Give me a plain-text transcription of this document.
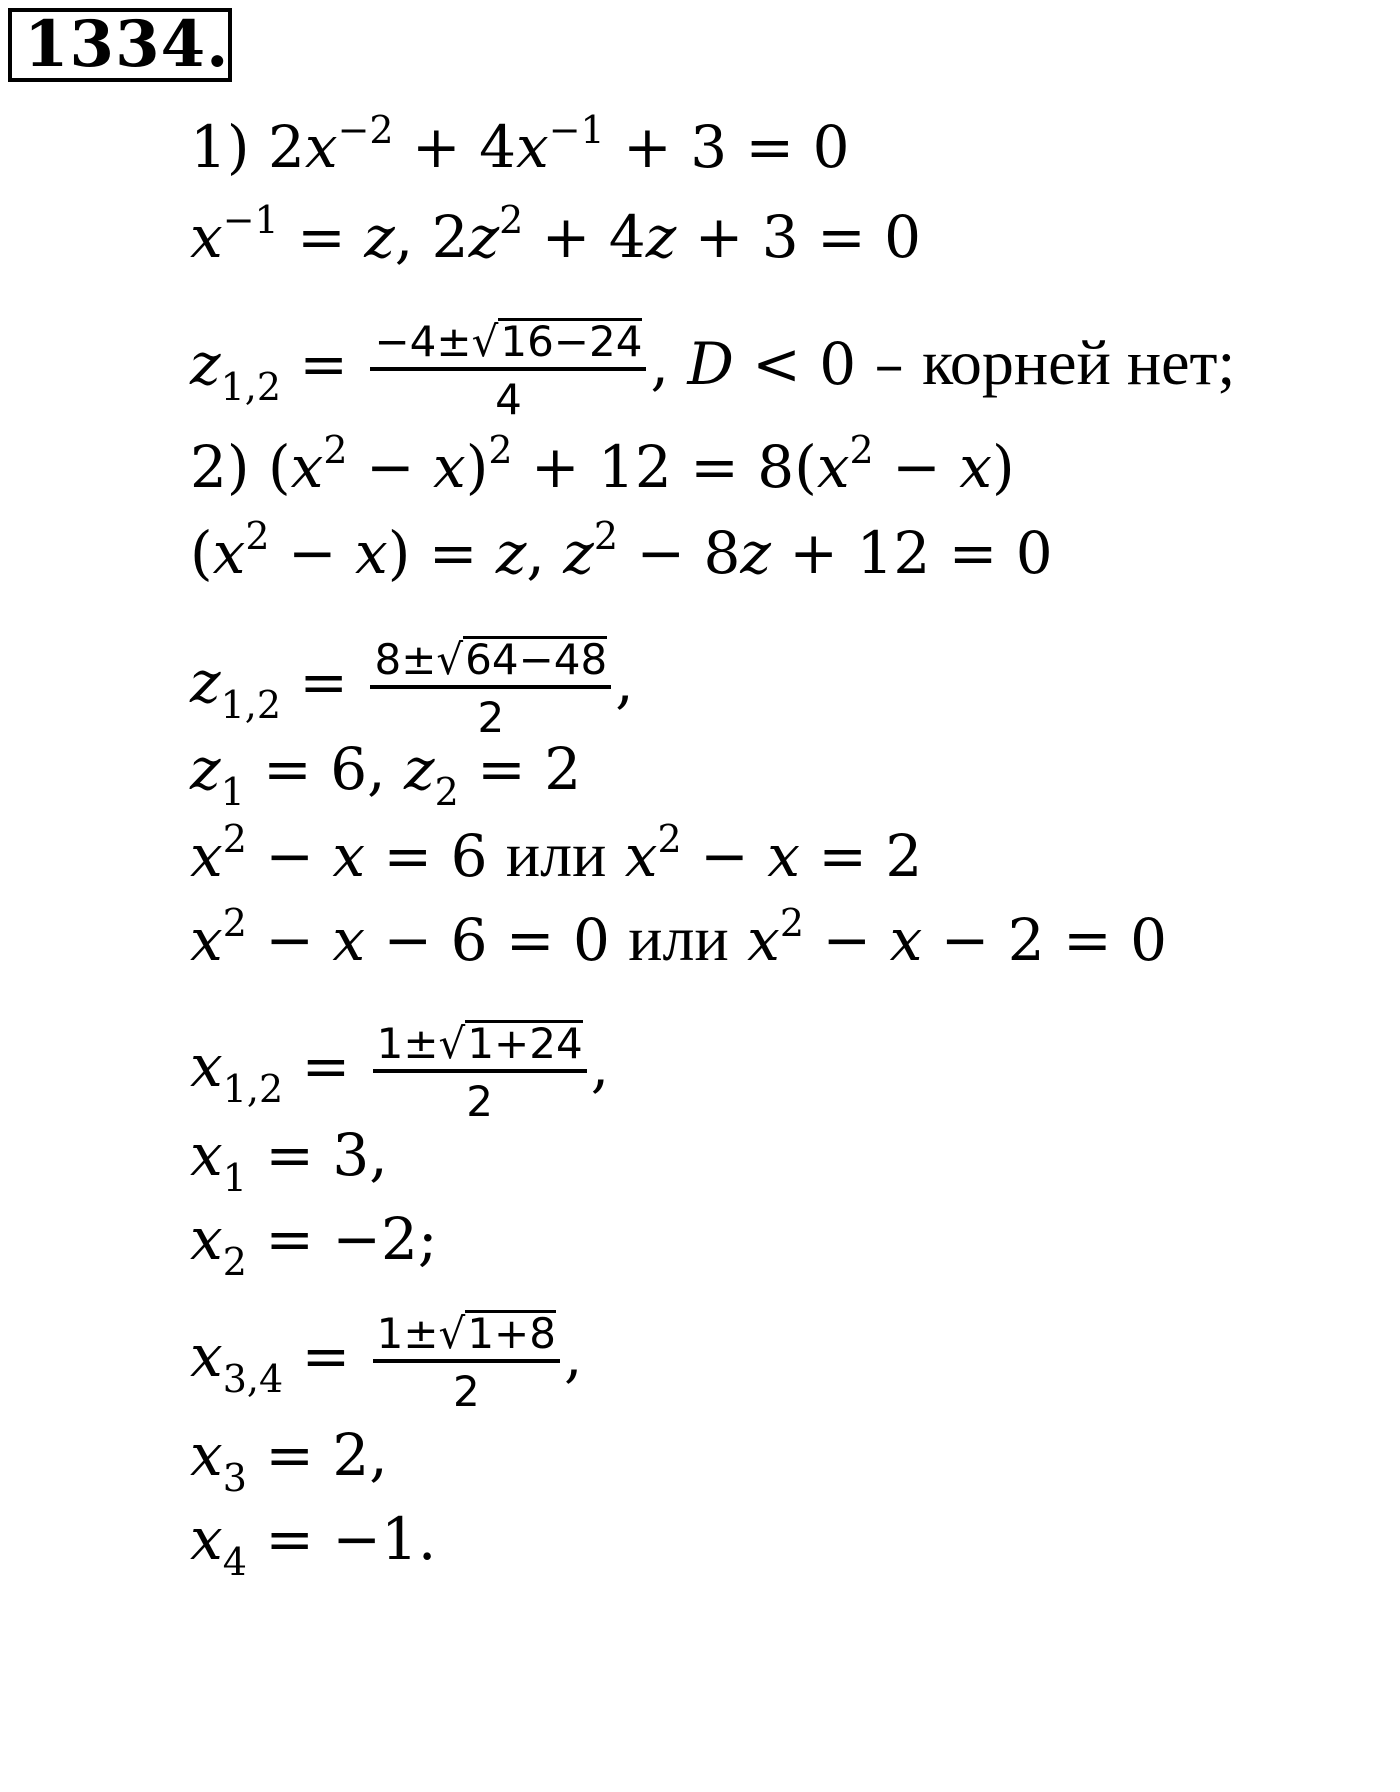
1334.
1) $2x^{-2} + 4x^{-1} + 3 = 0$
$x^{-1} = z$, $2z^2 + 4z + 3 = 0$
$z_{1,2} = \frac{-4\pm√16-24}{4}$ , D < 0 – корней нет;
2) $(x^2 - x)^2 + 12 = 8(x^2 - x)$
$(x^2 - x) = z$, $z^2 - 8z + 12 = 0$
$z_{1,2} = \frac{8\pm√64-48}{2}$ ,
$z_1 = 6$, $z_2 = 2$
$x^2 - x = 6$ или $x^2 - x = 2$
$x^2 - x - 6 = 0$ или $x^2 - x - 2 = 0$
$x_{1,2} = \frac{1\pm√1+24}{2}$ ,
$x_1 = 3$,
$x_2 = -2$;
$x_{3,4} = \frac{1\pm√1+8}{2}$ ,
$x_3 = 2$,
$x_4 = -1$.
